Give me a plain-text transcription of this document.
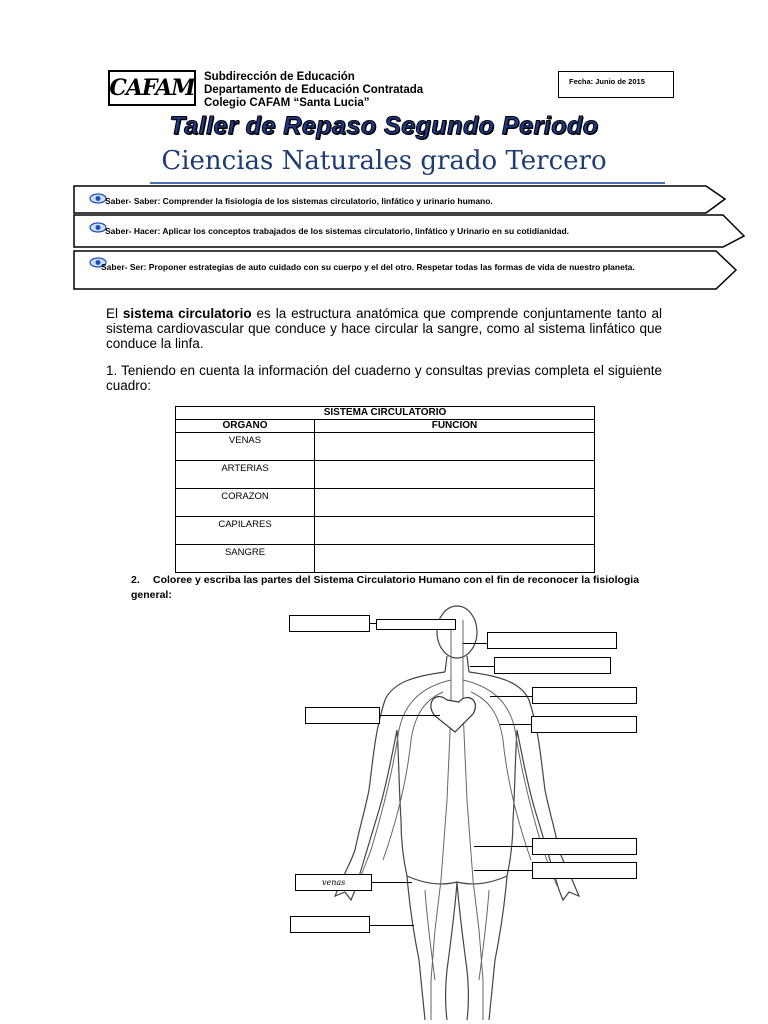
CAFAM Subdirección de Educación
Departamento de Educación Contratada
Colegio CAFAM “Santa Lucia”
Fecha: Junio de 2015
Taller de Repaso Segundo Periodo
Ciencias Naturales grado Tercero
Saber- Saber: Comprender la fisiología de los sistemas circulatorio, linfático y urinario humano.
Saber- Hacer: Aplicar los conceptos trabajados de los sistemas circulatorio, linfático y Urinario en su cotidianidad.
Saber- Ser: Proponer estrategias de auto cuidado con su cuerpo y el del otro. Respetar todas las formas de vida de nuestro planeta.
El sistema circulatorio es la estructura anatómica que comprende conjuntamente tanto al sistema cardiovascular que conduce y hace circular la sangre, como al sistema linfático que conduce la linfa.
1. Teniendo en cuenta la información del cuaderno y consultas previas completa el siguiente cuadro:
SISTEMA CIRCULATORIO	
ORGANO	FUNCION
VENAS	
ARTERIAS	
CORAZON	
CAPILARES	
SANGRE	
2. Coloree y escriba las partes del Sistema Circulatorio Humano con el fin de reconocer la fisiologia general:
venas
